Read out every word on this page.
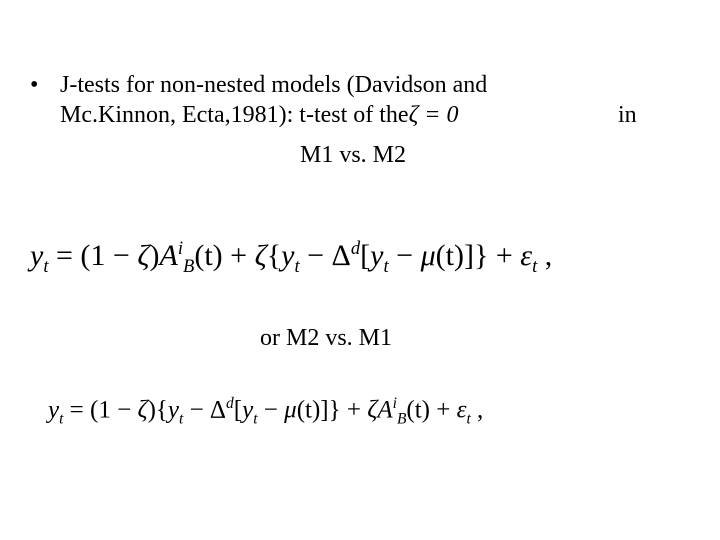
• J-tests for non-nested models (Davidson and
Mc.Kinnon, Ecta,1981): t-test of theζ = 0	in
M1 vs. M2
$y_t = (1 - \zeta)A^i_B(t) + \zeta\{y_t - \Delta^d[y_t - \mu(t)]\} + \varepsilon_t$ ,
or M2 vs. M1
$y_t = (1 - \zeta)\{y_t - \Delta^d[y_t - \mu(t)]\} + \zeta A^i_B(t) + \varepsilon_t$ ,
